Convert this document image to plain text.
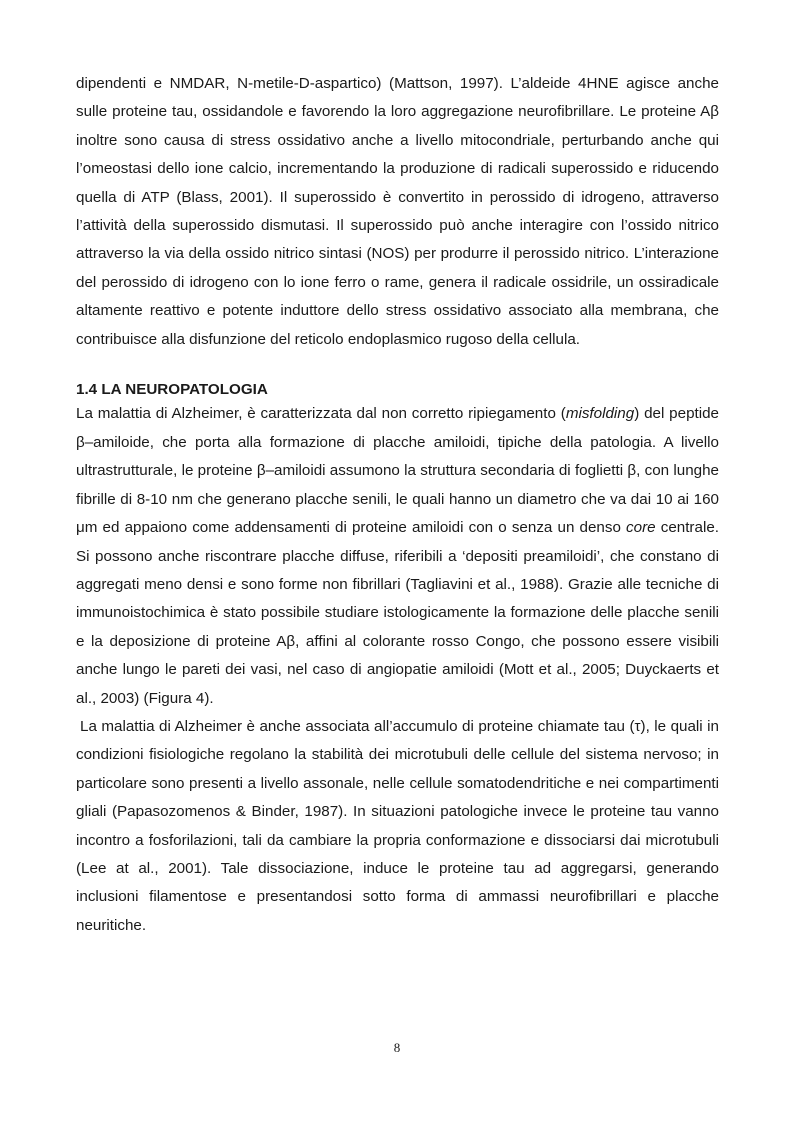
dipendenti e NMDAR, N-metile-D-aspartico) (Mattson, 1997). L’aldeide 4HNE agisce anche sulle proteine tau, ossidandole e favorendo la loro aggregazione neurofibrillare. Le proteine Aβ inoltre sono causa di stress ossidativo anche a livello mitocondriale, perturbando anche qui l’omeostasi dello ione calcio, incrementando la produzione di radicali superossido e riducendo quella di ATP (Blass, 2001). Il superossido è convertito in perossido di idrogeno, attraverso l’attività della superossido dismutasi. Il superossido può anche interagire con l’ossido nitrico attraverso la via della ossido nitrico sintasi (NOS) per produrre il perossido nitrico. L’interazione del perossido di idrogeno con lo ione ferro o rame, genera il radicale ossidrile, un ossiradicale altamente reattivo e potente induttore dello stress ossidativo associato alla membrana, che contribuisce alla disfunzione del reticolo endoplasmico rugoso della cellula.

1.4 LA NEUROPATOLOGIA

La malattia di Alzheimer, è caratterizzata dal non corretto ripiegamento (misfolding) del peptide β–amiloide, che porta alla formazione di placche amiloidi, tipiche della patologia. A livello ultrastrutturale, le proteine β–amiloidi assumono la struttura secondaria di foglietti β, con lunghe fibrille di 8-10 nm che generano placche senili, le quali hanno un diametro che va dai 10 ai 160 μm ed appaiono come addensamenti di proteine amiloidi con o senza un denso core centrale. Si possono anche riscontrare placche diffuse, riferibili a ‘depositi preamiloidi’, che constano di aggregati meno densi e sono forme non fibrillari (Tagliavini et al., 1988). Grazie alle tecniche di immunoistochimica è stato possibile studiare istologicamente la formazione delle placche senili e la deposizione di proteine Aβ, affini al colorante rosso Congo, che possono essere visibili anche lungo le pareti dei vasi, nel caso di angiopatie amiloidi (Mott et al., 2005; Duyckaerts et al., 2003) (Figura 4).

La malattia di Alzheimer è anche associata all’accumulo di proteine chiamate tau (τ), le quali in condizioni fisiologiche regolano la stabilità dei microtubuli delle cellule del sistema nervoso; in particolare sono presenti a livello assonale, nelle cellule somatodendritiche e nei compartimenti gliali (Papasozomenos & Binder, 1987). In situazioni patologiche invece le proteine tau vanno incontro a fosforilazioni, tali da cambiare la propria conformazione e dissociarsi dai microtubuli (Lee at al., 2001). Tale dissociazione, induce le proteine tau ad aggregarsi, generando inclusioni filamentose e presentandosi sotto forma di ammassi neurofibrillari e placche neuritiche.

8
